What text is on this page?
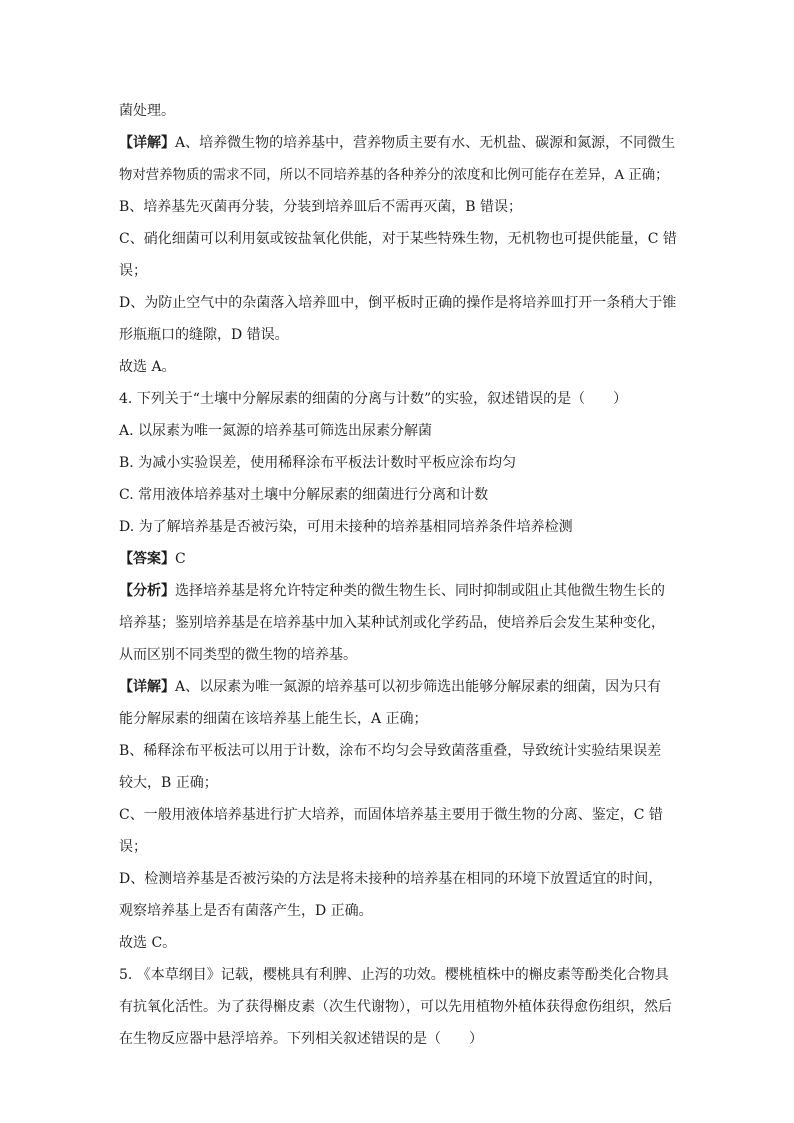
菌处理。

【详解】A、培养微生物的培养基中，营养物质主要有水、无机盐、碳源和氮源，不同微生

物对营养物质的需求不同，所以不同培养基的各种养分的浓度和比例可能存在差异，A 正确；

B、培养基先灭菌再分装，分装到培养皿后不需再灭菌，B 错误；

C、硝化细菌可以利用氨或铵盐氧化供能，对于某些特殊生物，无机物也可提供能量，C 错

误；

D、为防止空气中的杂菌落入培养皿中，倒平板时正确的操作是将培养皿打开一条稍大于锥

形瓶瓶口的缝隙，D 错误。

故选 A。

4. 下列关于“土壤中分解尿素的细菌的分离与计数”的实验，叙述错误的是（　　）

A. 以尿素为唯一氮源的培养基可筛选出尿素分解菌

B. 为减小实验误差，使用稀释涂布平板法计数时平板应涂布均匀

C. 常用液体培养基对土壤中分解尿素的细菌进行分离和计数

D. 为了解培养基是否被污染，可用未接种的培养基相同培养条件培养检测

【答案】C

【分析】选择培养基是将允许特定种类的微生物生长、同时抑制或阻止其他微生物生长的

培养基；鉴别培养基是在培养基中加入某种试剂或化学药品，使培养后会发生某种变化，

从而区别不同类型的微生物的培养基。

【详解】A、以尿素为唯一氮源的培养基可以初步筛选出能够分解尿素的细菌，因为只有

能分解尿素的细菌在该培养基上能生长，A 正确；

B、稀释涂布平板法可以用于计数，涂布不均匀会导致菌落重叠，导致统计实验结果误差

较大，B 正确；

C、一般用液体培养基进行扩大培养，而固体培养基主要用于微生物的分离、鉴定，C 错

误；

D、检测培养基是否被污染的方法是将未接种的培养基在相同的环境下放置适宜的时间，

观察培养基上是否有菌落产生，D 正确。

故选 C。

5. 《本草纲目》记载，樱桃具有利脾、止泻的功效。樱桃植株中的槲皮素等酚类化合物具

有抗氧化活性。为了获得槲皮素（次生代谢物），可以先用植物外植体获得愈伤组织，然后

在生物反应器中悬浮培养。下列相关叙述错误的是（　　）
